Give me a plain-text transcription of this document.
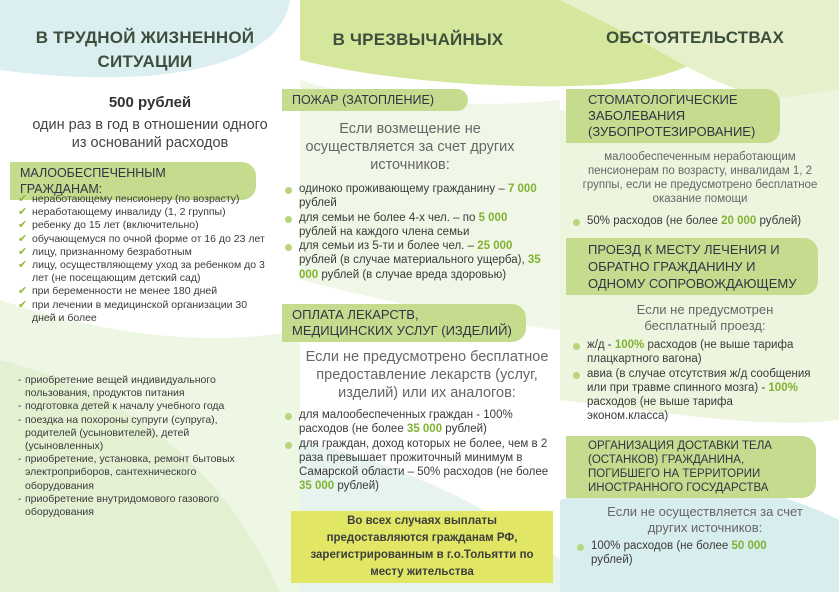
В ТРУДНОЙ ЖИЗНЕННОЙ СИТУАЦИИ
В ЧРЕЗВЫЧАЙНЫХ	ОБСТОЯТЕЛЬСТВАХ
500 рублей
один раз в год в отношении одного из оснований расходов
МАЛООБЕСПЕЧЕННЫМ ГРАЖДАНАМ:
✔ неработающему пенсионеру (по возрасту)
✔ неработающему инвалиду (1, 2 группы)
✔ ребенку до 15 лет (включительно)
✔ обучающемуся по очной форме от 16 до 23 лет
✔ лицу, признанному безработным
✔ лицу, осуществляющему уход за ребенком до 3 лет (не посещающим детский сад)
✔ при беременности не менее 180 дней
✔ при лечении в медицинской организации 30 дней и более
- приобретение вещей индивидуального пользования, продуктов питания
- подготовка детей к началу учебного года
- поездка на похороны супруги (супруга), родителей (усыновителей), детей (усыновленных)
- приобретение, установка, ремонт бытовых электроприборов, сантехнического оборудования
- приобретение внутридомового газового оборудования
ПОЖАР (ЗАТОПЛЕНИЕ)
Если возмещение не осуществляется за счет других источников:
одиноко проживающему гражданину – 7 000 рублей
для семьи не более 4-х чел. – по 5 000 рублей на каждого члена семьи
для семьи из 5-ти и более чел. – 25 000 рублей (в случае материального ущерба), 35 000 рублей (в случае вреда здоровью)
ОПЛАТА ЛЕКАРСТВ, МЕДИЦИНСКИХ УСЛУГ (ИЗДЕЛИЙ)
Если не предусмотрено бесплатное предоставление лекарств (услуг, изделий) или их аналогов:
для малообеспеченных граждан - 100% расходов (не более 35 000 рублей)
для граждан, доход которых не более, чем в 2 раза превышает прожиточный минимум в Самарской области – 50% расходов (не более 35 000 рублей)
Во всех случаях выплаты предоставляются гражданам РФ, зарегистрированным в г.о.Тольятти по месту жительства
СТОМАТОЛОГИЧЕСКИЕ ЗАБОЛЕВАНИЯ (ЗУБОПРОТЕЗИРОВАНИЕ)
малообеспеченным неработающим пенсионерам по возрасту, инвалидам 1, 2 группы, если не предусмотрено бесплатное оказание помощи
50% расходов (не более 20 000 рублей)
ПРОЕЗД К МЕСТУ ЛЕЧЕНИЯ И ОБРАТНО ГРАЖДАНИНУ И ОДНОМУ СОПРОВОЖДАЮЩЕМУ
Если не предусмотрен бесплатный проезд:
ж/д - 100% расходов (не выше тарифа плацкартного вагона)
авиа (в случае отсутствия ж/д сообщения или при травме спинного мозга) - 100% расходов (не выше тарифа эконом.класса)
ОРГАНИЗАЦИЯ ДОСТАВКИ ТЕЛА (ОСТАНКОВ) ГРАЖДАНИНА, ПОГИБШЕГО НА ТЕРРИТОРИИ ИНОСТРАННОГО ГОСУДАРСТВА
Если не осуществляется за счет других источников:
100% расходов (не более 50 000 рублей)
